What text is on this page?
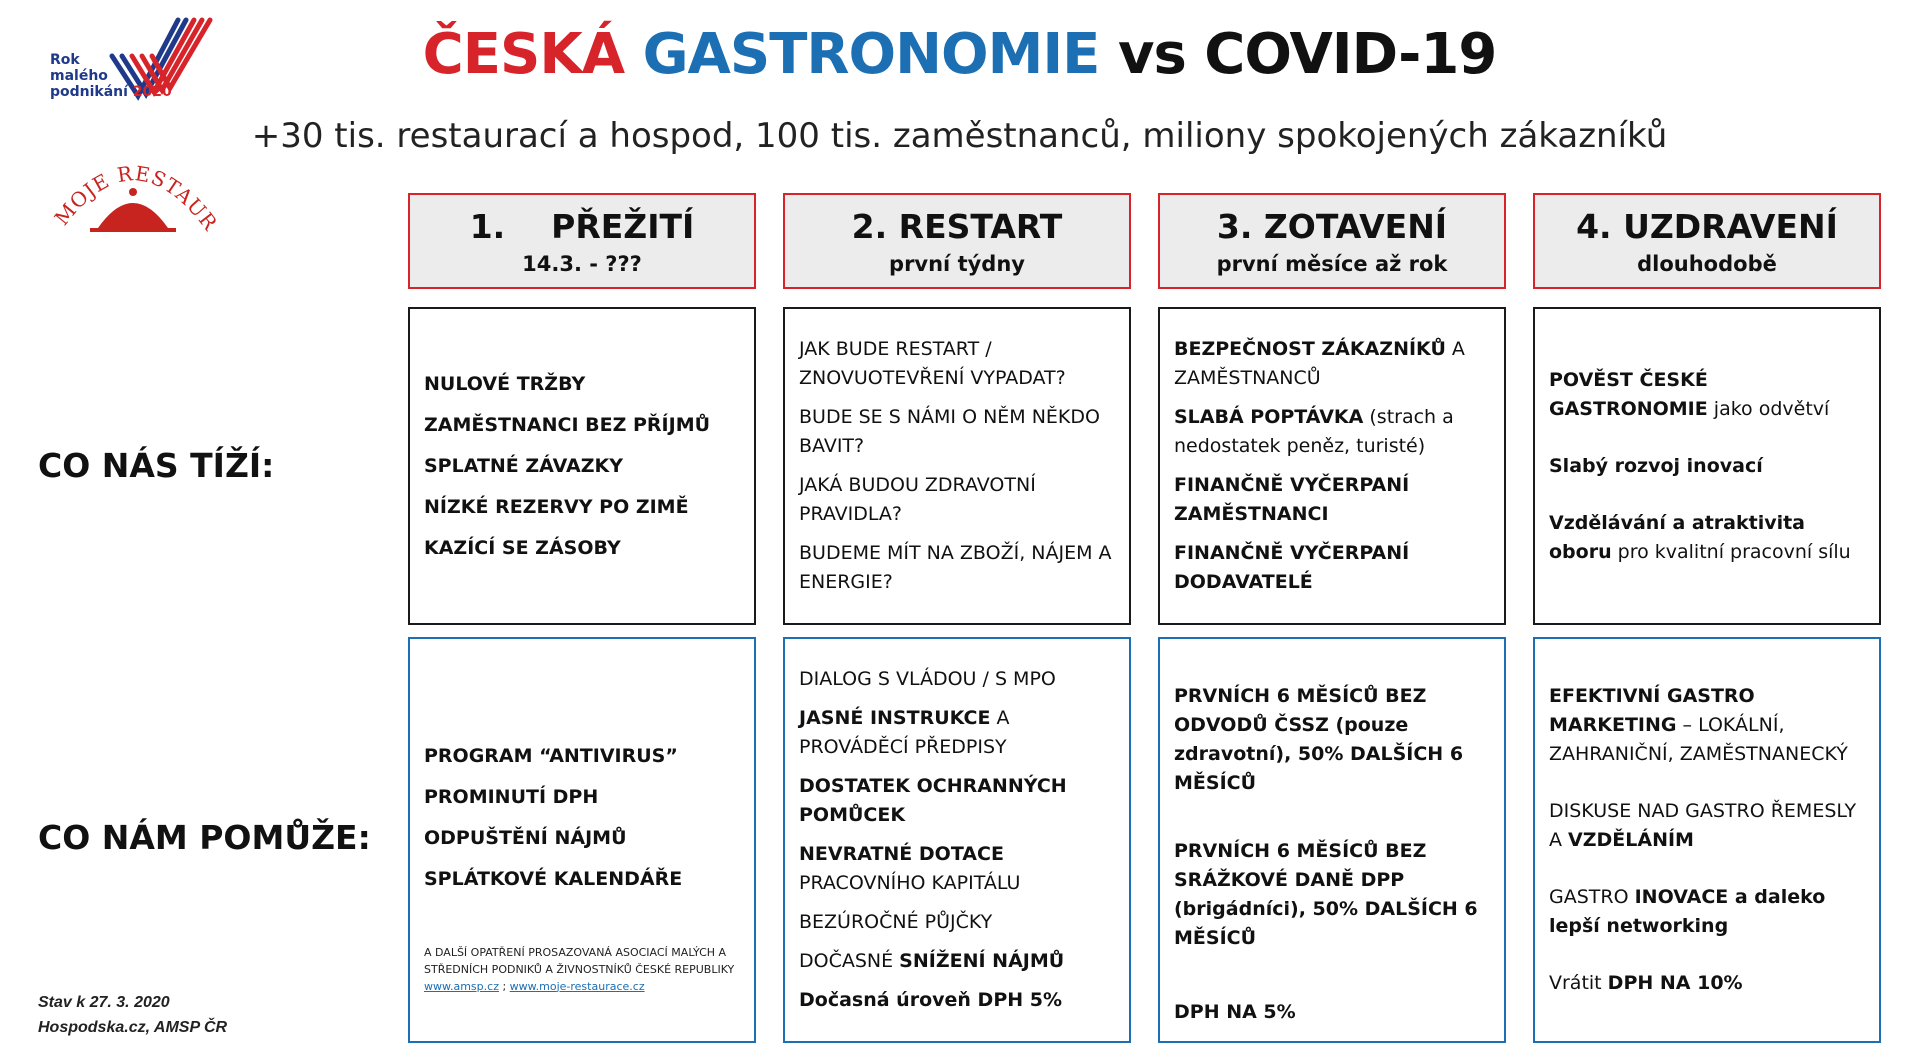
Rok
malého
podnikání 2020
MOJE RESTAU
ČESKÁ GASTRONOMIE vs COVID-19
+30 tis. restaurací a hospod, 100 tis. zaměstnanců, miliony spokojených zákazníků
CO NÁS TÍŽÍ:
CO NÁM POMŮŽE:
1.    PŘEŽITÍ
14.3. - ???
2. RESTART
první týdny
3. ZOTAVENÍ
první měsíce až rok
4. UZDRAVENÍ
dlouhodobě
NULOVÉ TRŽBY
ZAMĚSTNANCI BEZ PŘÍJMŮ
SPLATNÉ ZÁVAZKY
NÍZKÉ REZERVY PO ZIMĚ
KAZÍCÍ SE ZÁSOBY
JAK BUDE RESTART / ZNOVUOTEVŘENÍ VYPADAT?
BUDE SE S NÁMI O NĚM NĚKDO BAVIT?
JAKÁ BUDOU ZDRAVOTNÍ PRAVIDLA?
BUDEME MÍT NA ZBOŽÍ, NÁJEM A ENERGIE?
BEZPEČNOST ZÁKAZNÍKŮ A ZAMĚSTNANCŮ
SLABÁ POPTÁVKA (strach a nedostatek peněz, turisté)
FINANČNĚ VYČERPANÍ ZAMĚSTNANCI
FINANČNĚ VYČERPANÍ DODAVATELÉ
POVĚST ČESKÉ GASTRONOMIE jako odvětví
Slabý rozvoj inovací
Vzdělávání a atraktivita oboru pro kvalitní pracovní sílu
PROGRAM “ANTIVIRUS”
PROMINUTÍ DPH
ODPUŠTĚNÍ NÁJMŮ
SPLÁTKOVÉ KALENDÁŘE
A DALŠÍ OPATŘENÍ PROSAZOVANÁ ASOCIACÍ MALÝCH A STŘEDNÍCH PODNIKŮ A ŽIVNOSTNÍKŮ ČESKÉ REPUBLIKY
www.amsp.cz ; www.moje-restaurace.cz
DIALOG S VLÁDOU / S MPO
JASNÉ INSTRUKCE A PROVÁDĚCÍ PŘEDPISY
DOSTATEK OCHRANNÝCH POMŮCEK
NEVRATNÉ DOTACE PRACOVNÍHO KAPITÁLU
BEZÚROČNÉ PŮJČKY
DOČASNÉ SNÍŽENÍ NÁJMŮ
Dočasná úroveň DPH 5%
PRVNÍCH 6 MĚSÍCŮ BEZ ODVODŮ ČSSZ (pouze zdravotní), 50% DALŠÍCH 6 MĚSÍCŮ
PRVNÍCH 6 MĚSÍCŮ BEZ SRÁŽKOVÉ DANĚ DPP (brigádníci), 50% DALŠÍCH 6 MĚSÍCŮ
DPH NA 5%
EFEKTIVNÍ GASTRO MARKETING – LOKÁLNÍ, ZAHRANIČNÍ, ZAMĚSTNANECKÝ
DISKUSE NAD GASTRO ŘEMESLY A VZDĚLÁNÍM
GASTRO INOVACE a daleko lepší networking
Vrátit DPH NA 10%
Stav k 27. 3. 2020
Hospodska.cz, AMSP ČR
